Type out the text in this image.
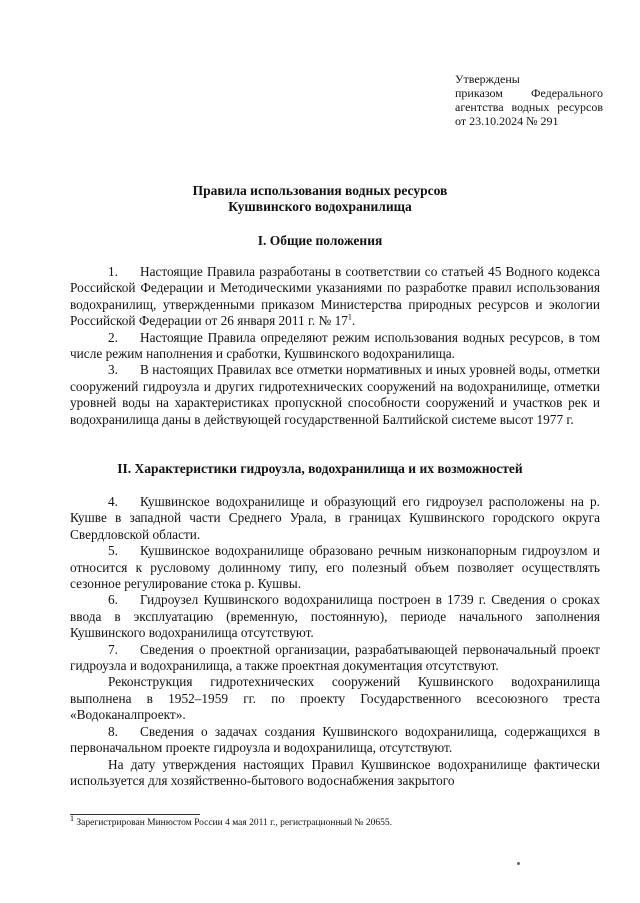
Утверждены
приказом Федерального
агентства водных ресурсов
от 23.10.2024 № 291
Правила использования водных ресурсов
Кушвинского водохранилища
I. Общие положения

1. Настоящие Правила разработаны в соответствии со статьей 45 Водного кодекса Российской Федерации и Методическими указаниями по разработке правил использования водохранилищ, утвержденными приказом Министерства природных ресурсов и экологии Российской Федерации от 26 января 2011 г. № $17^1$.

2. Настоящие Правила определяют режим использования водных ресурсов, в том числе режим наполнения и сработки, Кушвинского водохранилища.

3. В настоящих Правилах все отметки нормативных и иных уровней воды, отметки сооружений гидроузла и других гидротехнических сооружений на водохранилище, отметки уровней воды на характеристиках пропускной способности сооружений и участков рек и водохранилища даны в действующей государственной Балтийской системе высот 1977 г.

II. Характеристики гидроузла, водохранилища и их возможностей

4. Кушвинское водохранилище и образующий его гидроузел расположены на р. Кушве в западной части Среднего Урала, в границах Кушвинского городского округа Свердловской области.

5. Кушвинское водохранилище образовано речным низконапорным гидроузлом и относится к русловому долинному типу, его полезный объем позволяет осуществлять сезонное регулирование стока р. Кушвы.

6. Гидроузел Кушвинского водохранилища построен в 1739 г. Сведения о сроках ввода в эксплуатацию (временную, постоянную), периоде начального заполнения Кушвинского водохранилища отсутствуют.

7. Сведения о проектной организации, разрабатывающей первоначальный проект гидроузла и водохранилища, а также проектная документация отсутствуют.

Реконструкция гидротехнических сооружений Кушвинского водохранилища выполнена в 1952–1959 гг. по проекту Государственного всесоюзного треста «Водоканалпроект».

8. Сведения о задачах создания Кушвинского водохранилища, содержащихся в первоначальном проекте гидроузла и водохранилища, отсутствуют.

На дату утверждения настоящих Правил Кушвинское водохранилище фактически используется для хозяйственно-бытового водоснабжения закрытого

$^1$ Зарегистрирован Минюстом России 4 мая 2011 г., регистрационный № 20655.
